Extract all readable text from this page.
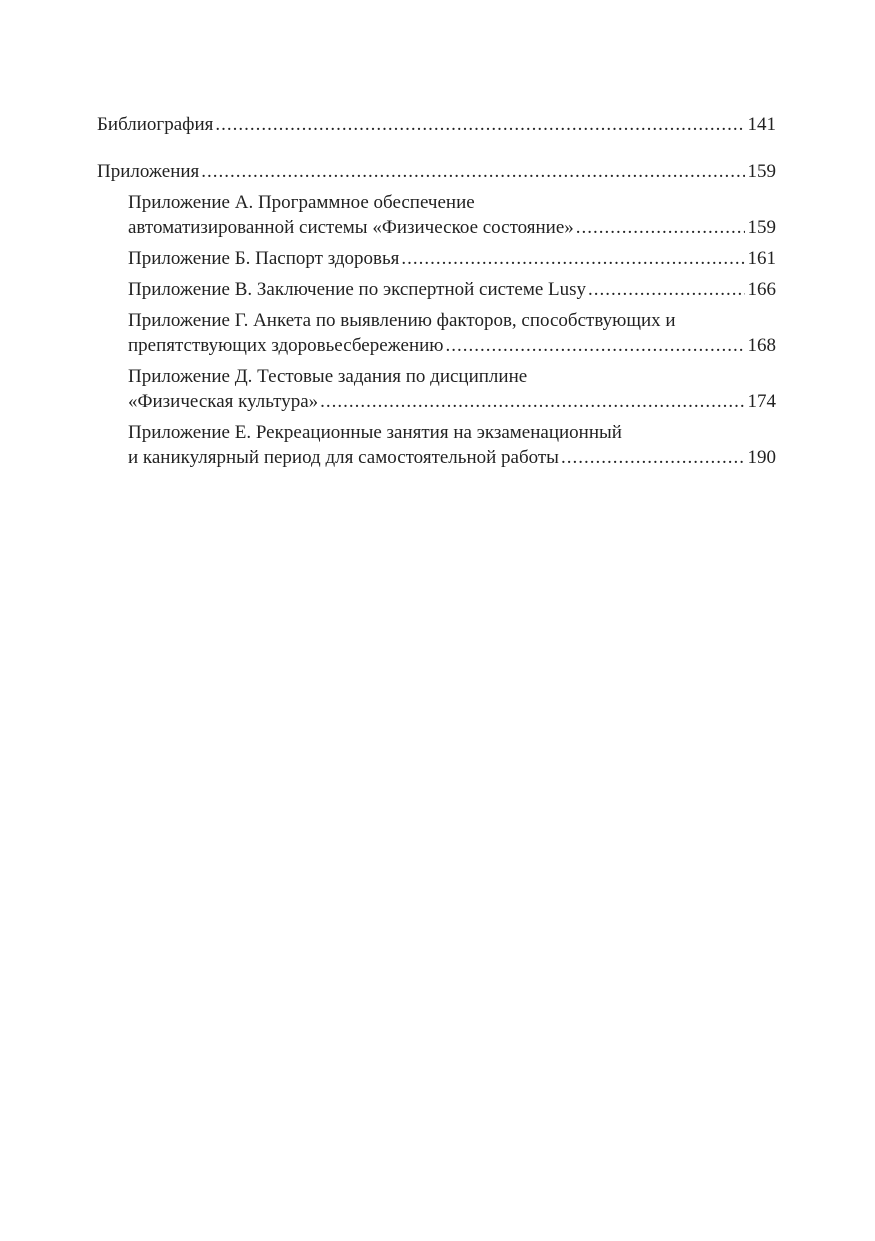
Библиография .....	141
Приложения .....	159
Приложение А. Программное обеспечение
автоматизированной системы «Физическое состояние» .....	159
Приложение Б. Паспорт здоровья .....	161
Приложение В. Заключение по экспертной системе Lusy .....	166
Приложение Г. Анкета по выявлению факторов, способствующих и
препятствующих здоровьесбережению .....	168
Приложение Д. Тестовые задания по дисциплине
«Физическая культура» .....	174
Приложение Е. Рекреационные занятия на экзаменационный
и каникулярный период для самостоятельной работы .....	190
